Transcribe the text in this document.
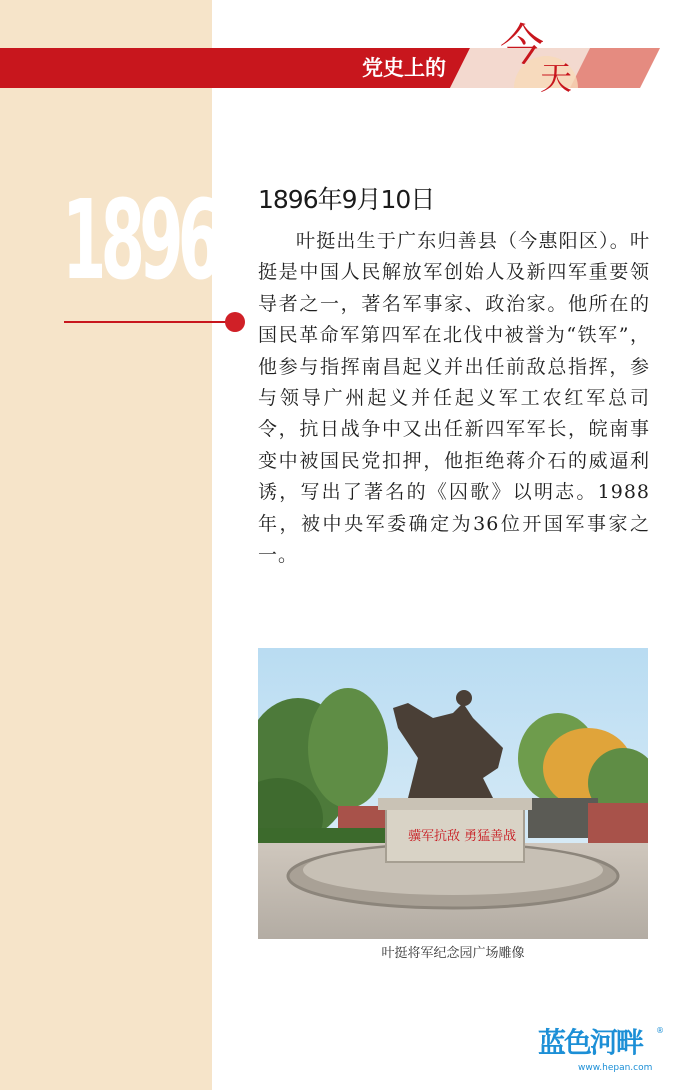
党史上的	今
天
1896 1896年9月10日

叶挺出生于广东归善县（今惠阳区）。叶挺是中国人民解放军创始人及新四军重要领导者之一，著名军事家、政治家。他所在的国民革命军第四军在北伐中被誉为“铁军”，他参与指挥南昌起义并出任前敌总指挥，参与领导广州起义并任起义军工农红军总司令，抗日战争中又出任新四军军长，皖南事变中被国民党扣押，他拒绝蒋介石的威逼利诱，写出了著名的《囚歌》以明志。1988年，被中央军委确定为36位开国军事家之一。

骥军抗敌 勇猛善战
叶挺将军纪念园广场雕像
蓝色河畔 ®
www.hepan.com
